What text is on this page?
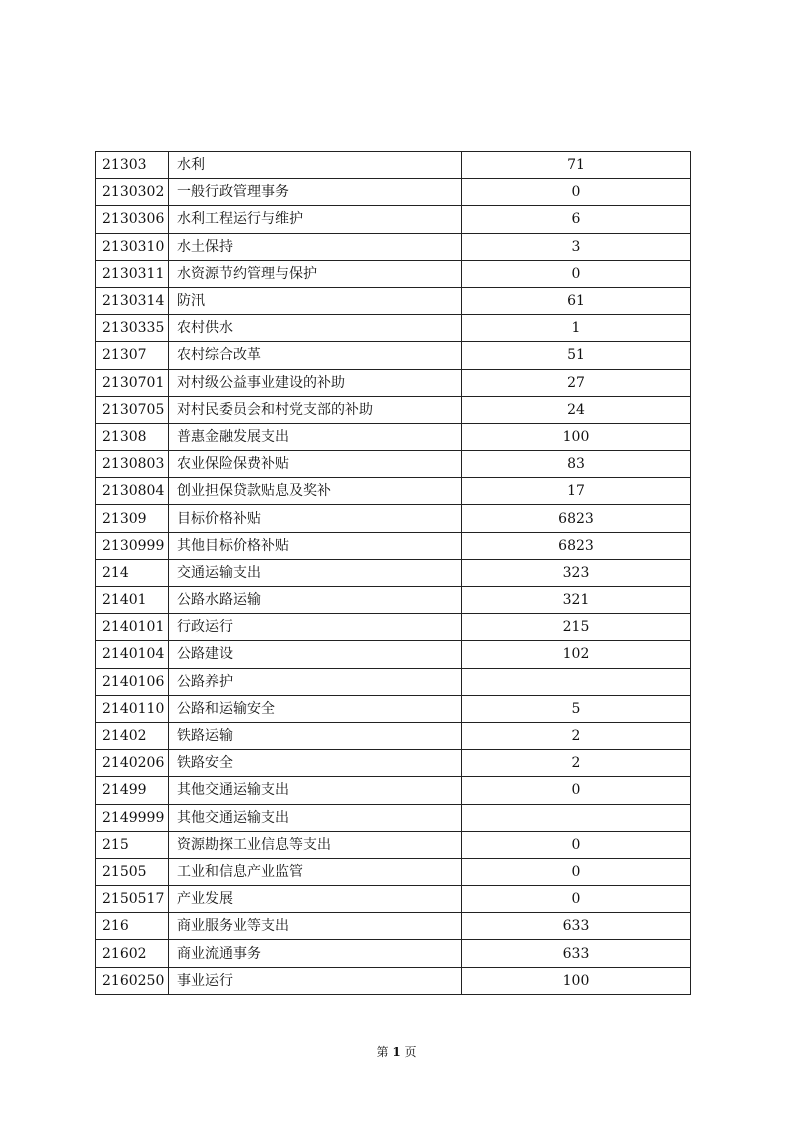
21303	水利	71
2130302	一般行政管理事务	0
2130306	水利工程运行与维护	6
2130310	水土保持	3
2130311	水资源节约管理与保护	0
2130314	防汛	61
2130335	农村供水	1
21307	农村综合改革	51
2130701	对村级公益事业建设的补助	27
2130705	对村民委员会和村党支部的补助	24
21308	普惠金融发展支出	100
2130803	农业保险保费补贴	83
2130804	创业担保贷款贴息及奖补	17
21309	目标价格补贴	6823
2130999	其他目标价格补贴	6823
214	交通运输支出	323
21401	公路水路运输	321
2140101	行政运行	215
2140104	公路建设	102
2140106	公路养护	
2140110	公路和运输安全	5
21402	铁路运输	2
2140206	铁路安全	2
21499	其他交通运输支出	0
2149999	其他交通运输支出	
215	资源勘探工业信息等支出	0
21505	工业和信息产业监管	0
2150517	产业发展	0
216	商业服务业等支出	633
21602	商业流通事务	633
2160250	事业运行	100
第 1 页
